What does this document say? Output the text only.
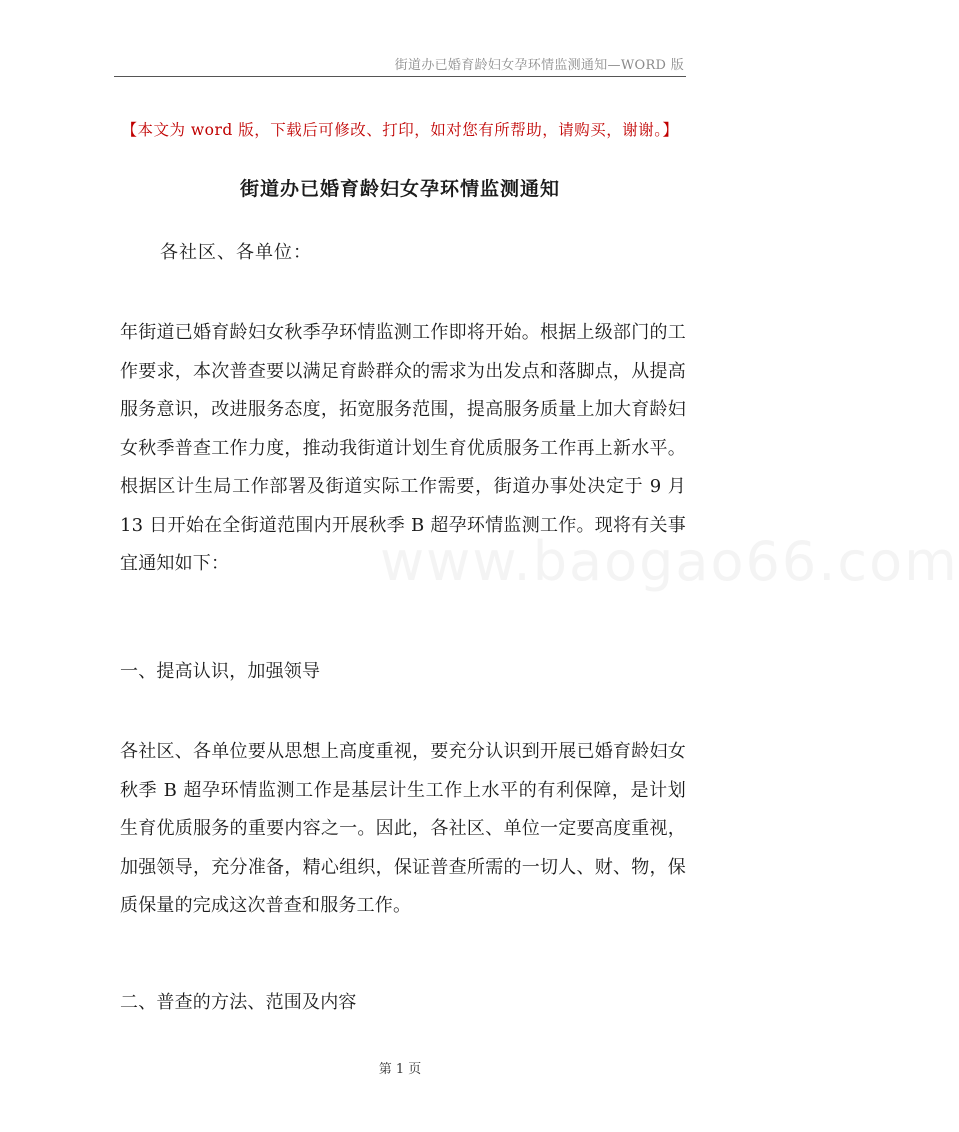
街道办已婚育龄妇女孕环情监测通知—WORD 版
【本文为 word 版，下载后可修改、打印，如对您有所帮助，请购买，谢谢。】
街道办已婚育龄妇女孕环情监测通知
各社区、各单位：
年街道已婚育龄妇女秋季孕环情监测工作即将开始。根据上级部门的工作要求，本次普查要以满足育龄群众的需求为出发点和落脚点，从提高服务意识，改进服务态度，拓宽服务范围，提高服务质量上加大育龄妇女秋季普查工作力度，推动我街道计划生育优质服务工作再上新水平。根据区计生局工作部署及街道实际工作需要，街道办事处决定于 9 月 13 日开始在全街道范围内开展秋季 B 超孕环情监测工作。现将有关事宜通知如下：
一、提高认识，加强领导
各社区、各单位要从思想上高度重视，要充分认识到开展已婚育龄妇女秋季 B 超孕环情监测工作是基层计生工作上水平的有利保障，是计划生育优质服务的重要内容之一。因此，各社区、单位一定要高度重视，加强领导，充分准备，精心组织，保证普查所需的一切人、财、物，保质保量的完成这次普查和服务工作。
二、普查的方法、范围及内容
www.baogao66.com
第 1 页
